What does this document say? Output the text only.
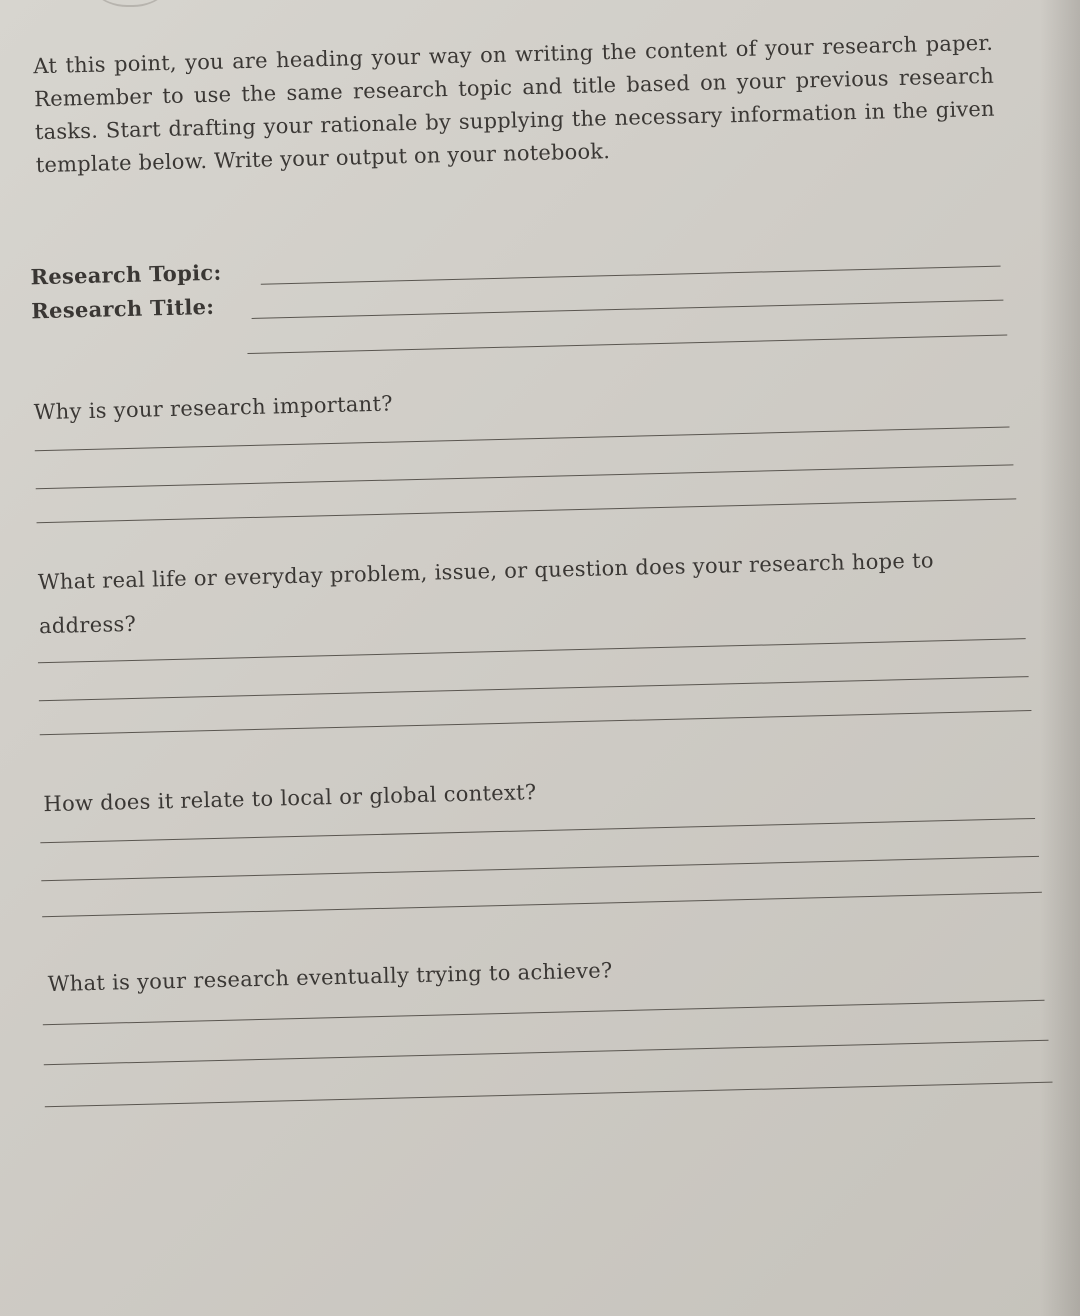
At this point, you are heading your way on writing the content of your research paper. Remember to use the same research topic and title based on your previous research tasks. Start drafting your rationale by supplying the necessary information in the given template below. Write your output on your notebook.

Research Topic:
Research Title:

Why is your research important?

What real life or everyday problem, issue, or question does your research hope to address?

How does it relate to local or global context?

What is your research eventually trying to achieve?
